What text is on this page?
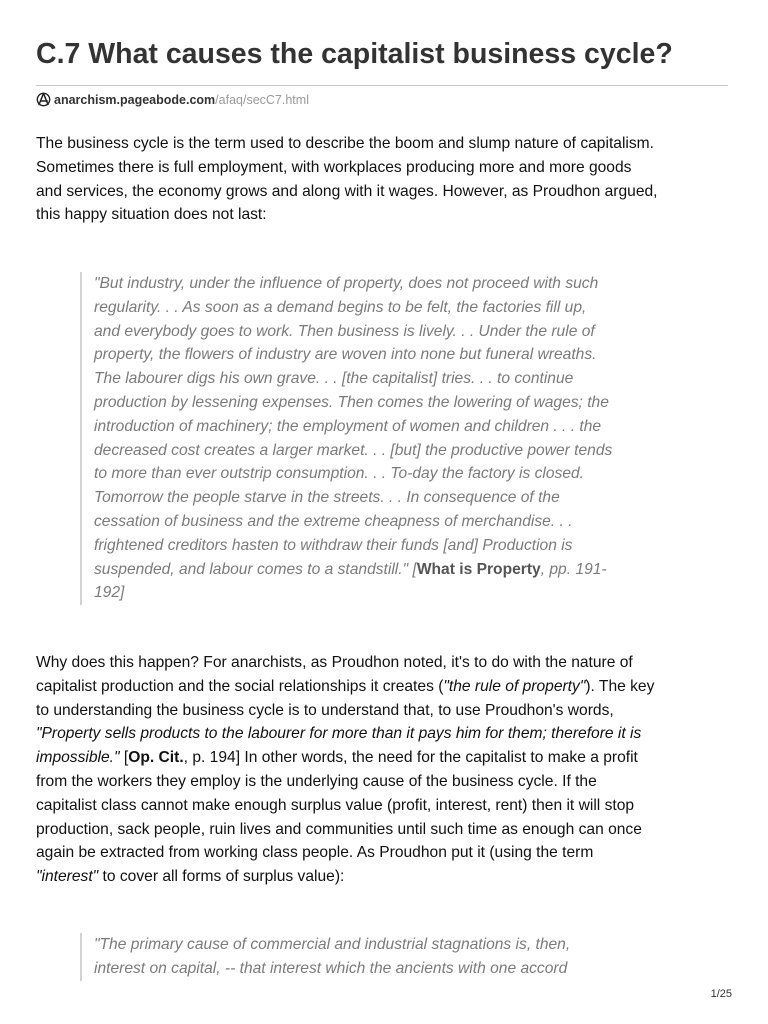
C.7 What causes the capitalist business cycle?
anarchism.pageabode.com /afaq/secC7.html

The business cycle is the term used to describe the boom and slump nature of capitalism.
Sometimes there is full employment, with workplaces producing more and more goods
and services, the economy grows and along with it wages. However, as Proudhon argued,
this happy situation does not last:

"But industry, under the influence of property, does not proceed with such
regularity. . . As soon as a demand begins to be felt, the factories fill up,
and everybody goes to work. Then business is lively. . . Under the rule of
property, the flowers of industry are woven into none but funeral wreaths.
The labourer digs his own grave. . . [the capitalist] tries. . . to continue
production by lessening expenses. Then comes the lowering of wages; the
introduction of machinery; the employment of women and children . . . the
decreased cost creates a larger market. . . [but] the productive power tends
to more than ever outstrip consumption. . . To-day the factory is closed.
Tomorrow the people starve in the streets. . . In consequence of the
cessation of business and the extreme cheapness of merchandise. . .
frightened creditors hasten to withdraw their funds [and] Production is
suspended, and labour comes to a standstill." [What is Property, pp. 191-
192]

Why does this happen? For anarchists, as Proudhon noted, it's to do with the nature of
capitalist production and the social relationships it creates ("the rule of property"). The key
to understanding the business cycle is to understand that, to use Proudhon's words,
"Property sells products to the labourer for more than it pays him for them; therefore it is
impossible." [Op. Cit., p. 194] In other words, the need for the capitalist to make a profit
from the workers they employ is the underlying cause of the business cycle. If the
capitalist class cannot make enough surplus value (profit, interest, rent) then it will stop
production, sack people, ruin lives and communities until such time as enough can once
again be extracted from working class people. As Proudhon put it (using the term
"interest" to cover all forms of surplus value):

"The primary cause of commercial and industrial stagnations is, then,
interest on capital, -- that interest which the ancients with one accord
1/25
